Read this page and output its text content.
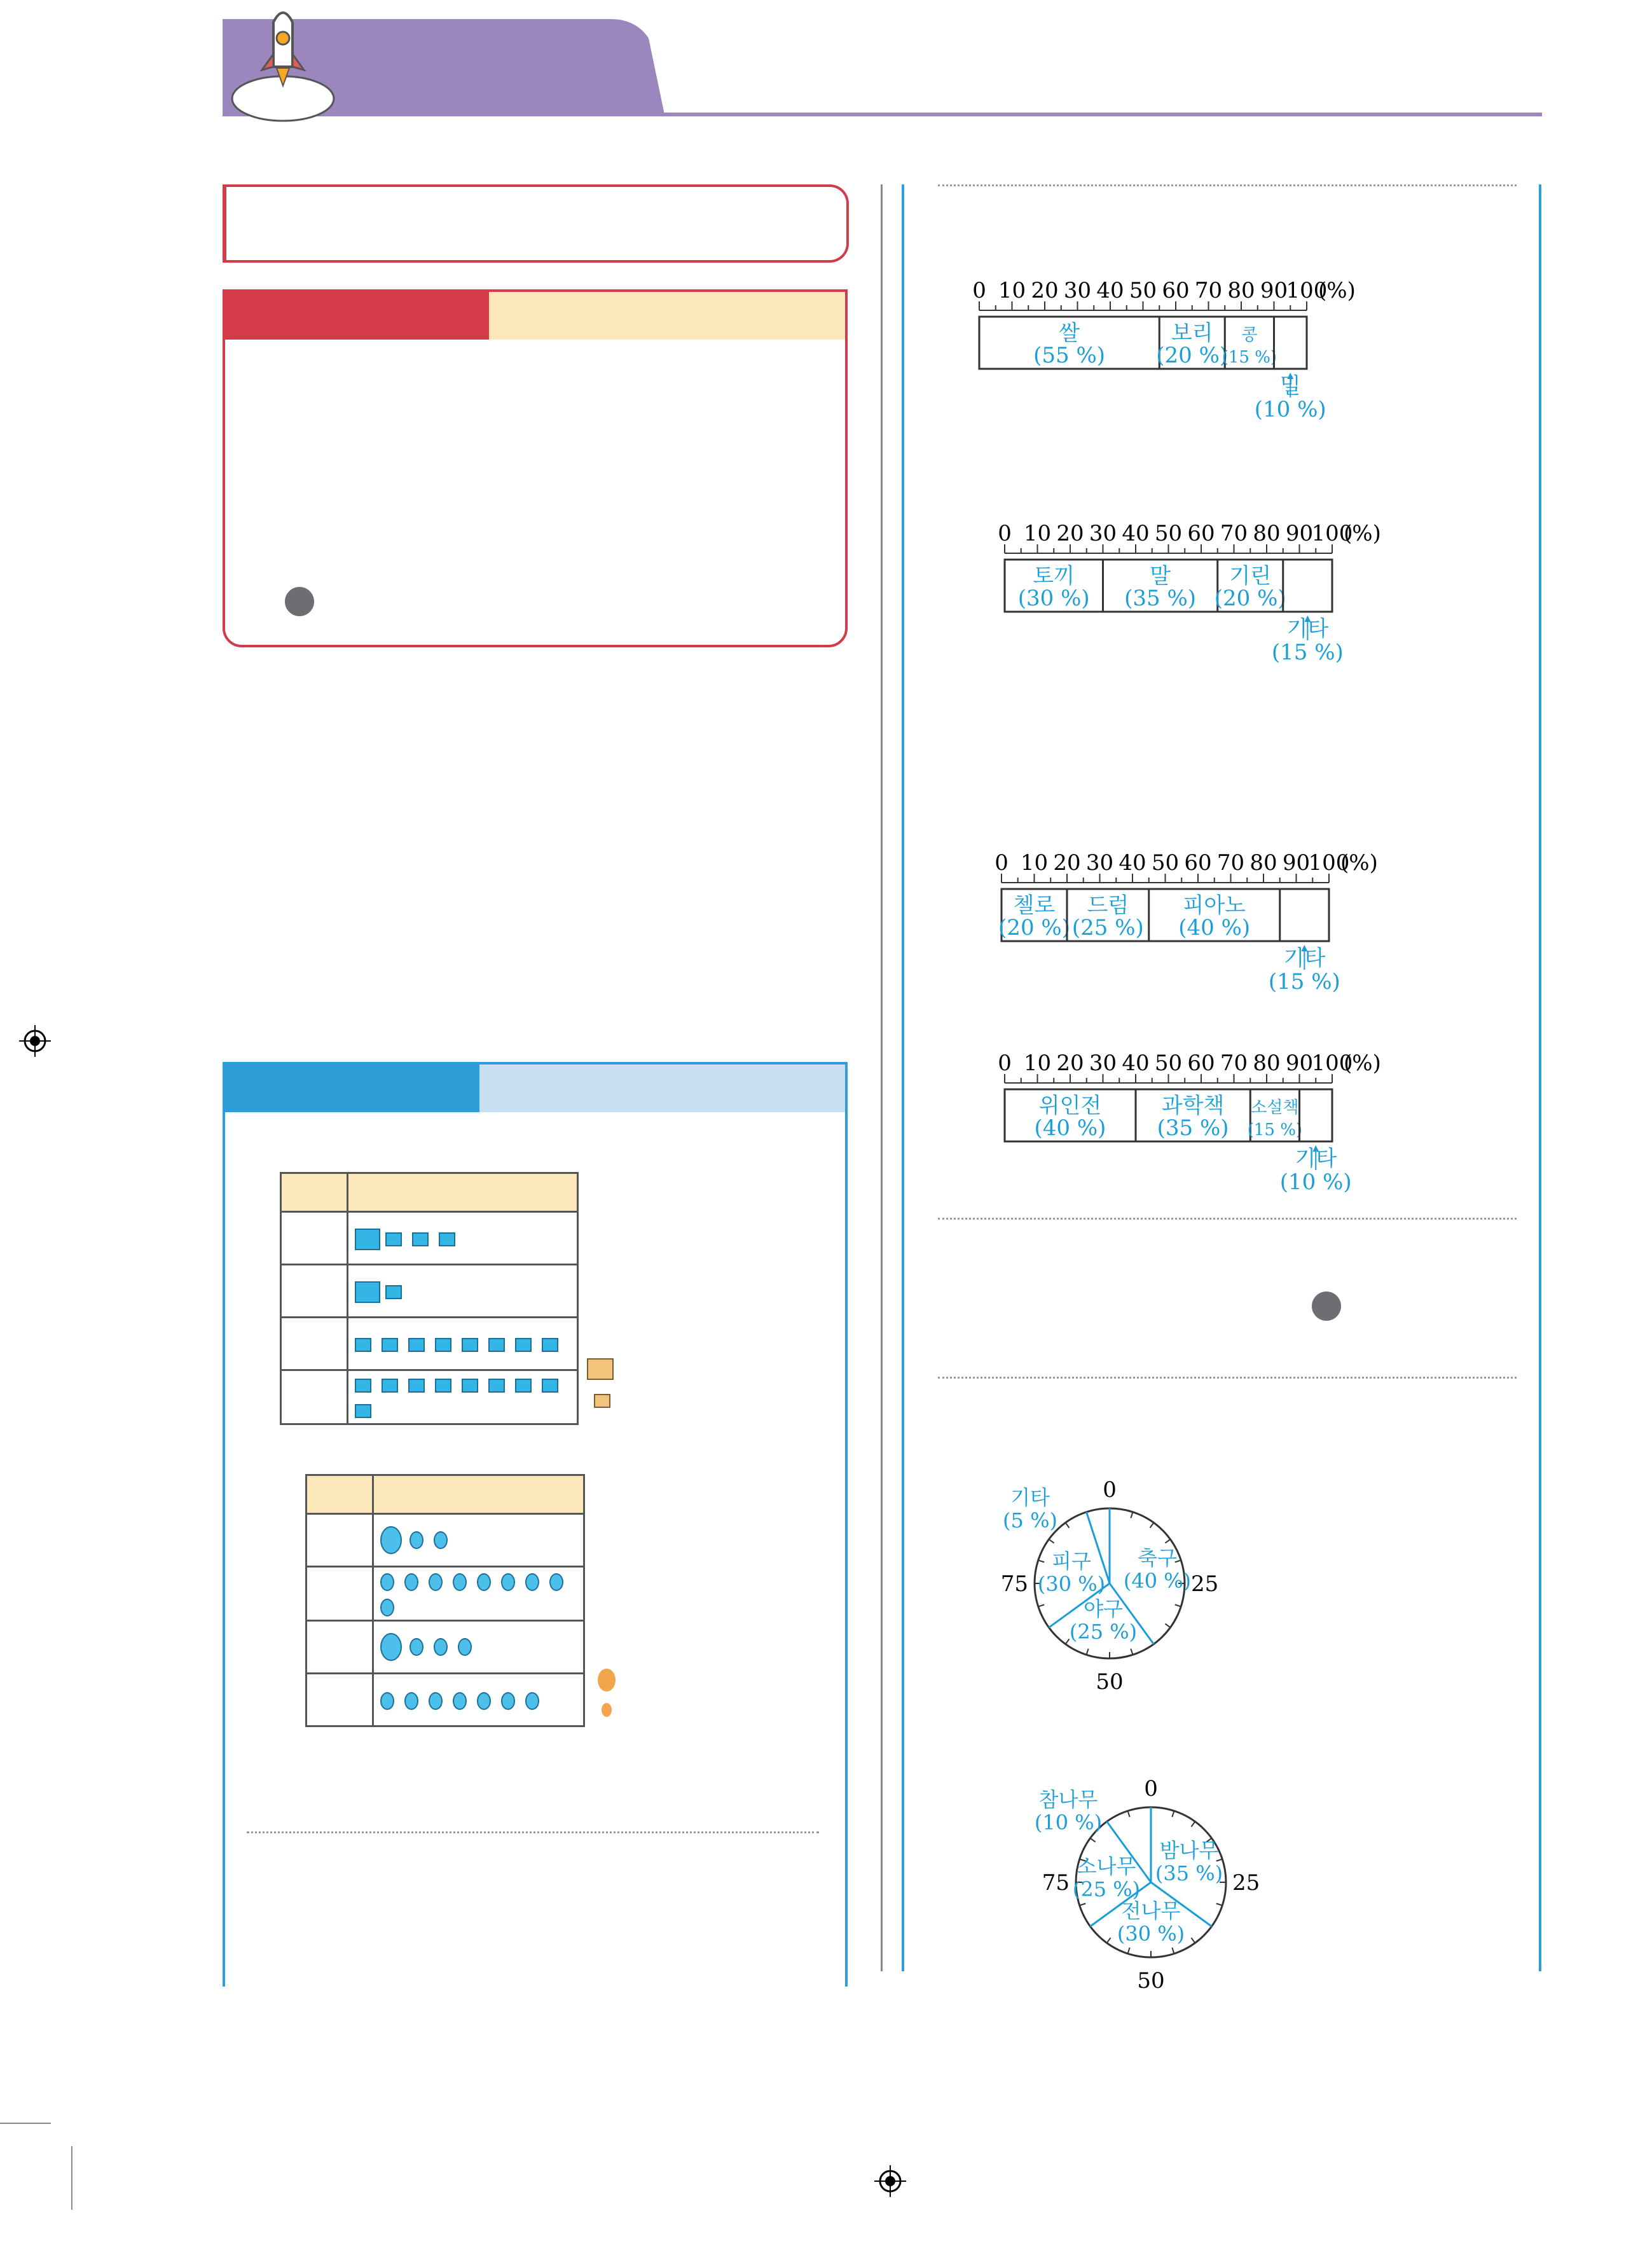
0 10 20 30 40 50 60 70 80 90
100
(%)
쌀
(55 %)
보리
(20 %)
콩
(15 %)
밀
(10 %)
0 10 20 30 40 50 60 70 80 90
100
(%)
토끼
(30 %)
말
(35 %)
기린
(20 %)
기타
(15 %)
0 10 20 30 40 50 60 70 80 90
100
(%)
첼로
(20 %)
드럼
(25 %)
피아노
(40 %)
기타
(15 %)
0 10 20 30 40 50 60 70 80 90
100
(%)
위인전
(40 %)
과학책
(35 %)
소설책
(15 %)
기타
(10 %)
0
25
50
75
축구
(40 %)
야구
(25 %)
피구
(30 %)
기타
(5 %)
0
25
50
75
밤나무
(35 %)
전나무
(30 %)
소나무
(25 %)
참나무
(10 %)
